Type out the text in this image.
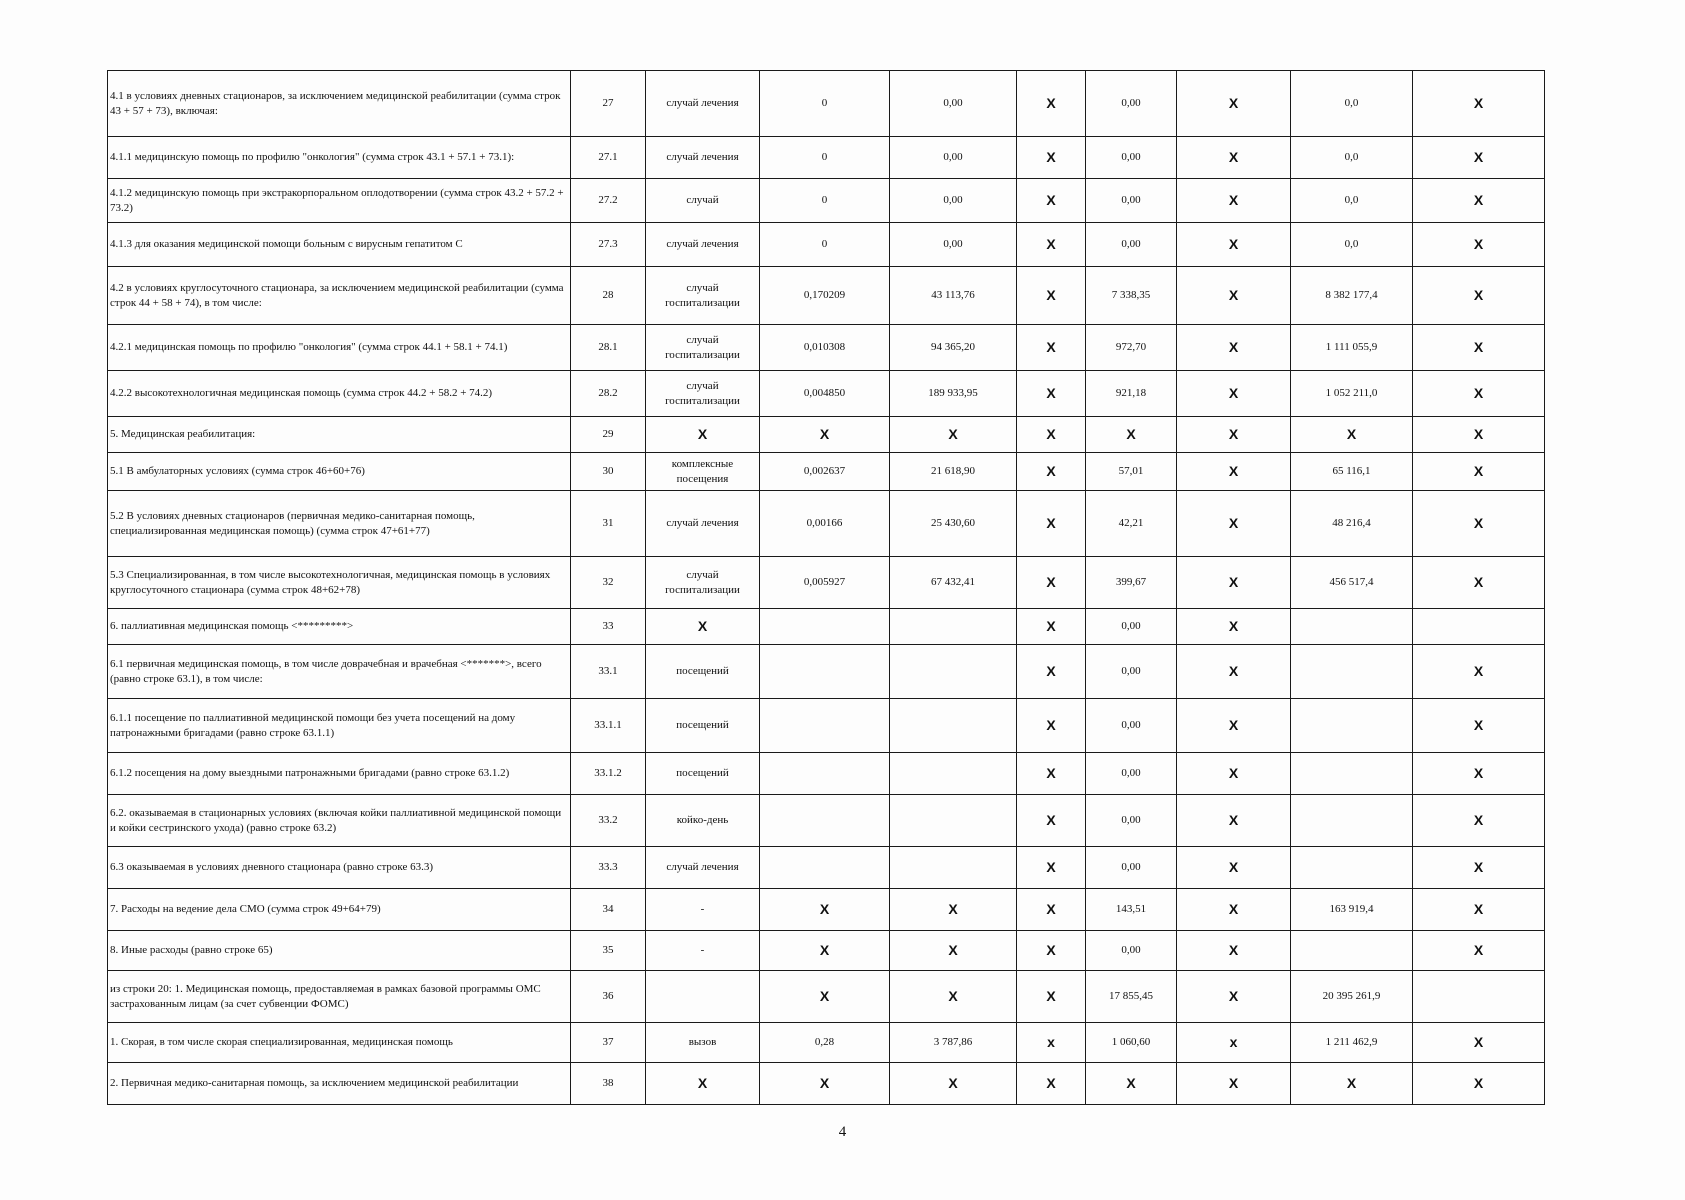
4.1 в условиях дневных стационаров, за исключением медицинской реабилитации (сумма строк 43 + 57 + 73), включая:	27	случай лечения	0	0,00	X	0,00	X	0,0	X
4.1.1 медицинскую помощь по профилю "онкология" (сумма строк 43.1 + 57.1 + 73.1):	27.1	случай лечения	0	0,00	X	0,00	X	0,0	X
4.1.2 медицинскую помощь при экстракорпоральном оплодотворении (сумма строк 43.2 + 57.2 + 73.2)	27.2	случай	0	0,00	X	0,00	X	0,0	X
4.1.3 для оказания медицинской помощи больным с вирусным гепатитом С	27.3	случай лечения	0	0,00	X	0,00	X	0,0	X
4.2 в условиях круглосуточного стационара, за исключением медицинской реабилитации (сумма строк 44 + 58 + 74), в том числе:	28	случай госпитализации	0,170209	43 113,76	X	7 338,35	X	8 382 177,4	X
4.2.1 медицинская помощь по профилю "онкология" (сумма строк 44.1 + 58.1 + 74.1)	28.1	случай госпитализации	0,010308	94 365,20	X	972,70	X	1 111 055,9	X
4.2.2 высокотехнологичная медицинская помощь (сумма строк 44.2 + 58.2 + 74.2)	28.2	случай госпитализации	0,004850	189 933,95	X	921,18	X	1 052 211,0	X
5. Медицинская реабилитация:	29	X	X	X	X	X	X	X	X
5.1 В амбулаторных условиях (сумма строк 46+60+76)	30	комплексные посещения	0,002637	21 618,90	X	57,01	X	65 116,1	X
5.2 В условиях дневных стационаров (первичная медико-санитарная помощь, специализированная медицинская помощь) (сумма строк 47+61+77)	31	случай лечения	0,00166	25 430,60	X	42,21	X	48 216,4	X
5.3 Специализированная, в том числе высокотехнологичная, медицинская помощь в условиях круглосуточного стационара (сумма строк 48+62+78)	32	случай госпитализации	0,005927	67 432,41	X	399,67	X	456 517,4	X
6. паллиативная медицинская помощь <*********>	33	X			X	0,00	X		
6.1 первичная медицинская помощь, в том числе доврачебная и врачебная <*******>, всего (равно строке 63.1), в том числе:	33.1	посещений			X	0,00	X		X
6.1.1 посещение по паллиативной медицинской помощи без учета посещений на дому патронажными бригадами (равно строке 63.1.1)	33.1.1	посещений			X	0,00	X		X
6.1.2 посещения на дому выездными патронажными бригадами (равно строке 63.1.2)	33.1.2	посещений			X	0,00	X		X
6.2. оказываемая в стационарных условиях (включая койки паллиативной медицинской помощи и койки сестринского ухода) (равно строке 63.2)	33.2	койко-день			X	0,00	X		X
6.3 оказываемая в условиях дневного стационара (равно строке 63.3)	33.3	случай лечения			X	0,00	X		X
7. Расходы на ведение дела СМО (сумма строк 49+64+79)	34	-	X	X	X	143,51	X	163 919,4	X
8. Иные расходы (равно строке 65)	35	-	X	X	X	0,00	X		X
из строки 20: 1. Медицинская помощь, предоставляемая в рамках базовой программы ОМС застрахованным лицам (за счет субвенции ФОМС)	36		X	X	X	17 855,45	X	20 395 261,9	
1. Скорая, в том числе скорая специализированная, медицинская помощь	37	вызов	0,28	3 787,86	x	1 060,60	x	1 211 462,9	X
2. Первичная медико-санитарная помощь, за исключением медицинской реабилитации	38	X	X	X	X	X	X	X	X
4
